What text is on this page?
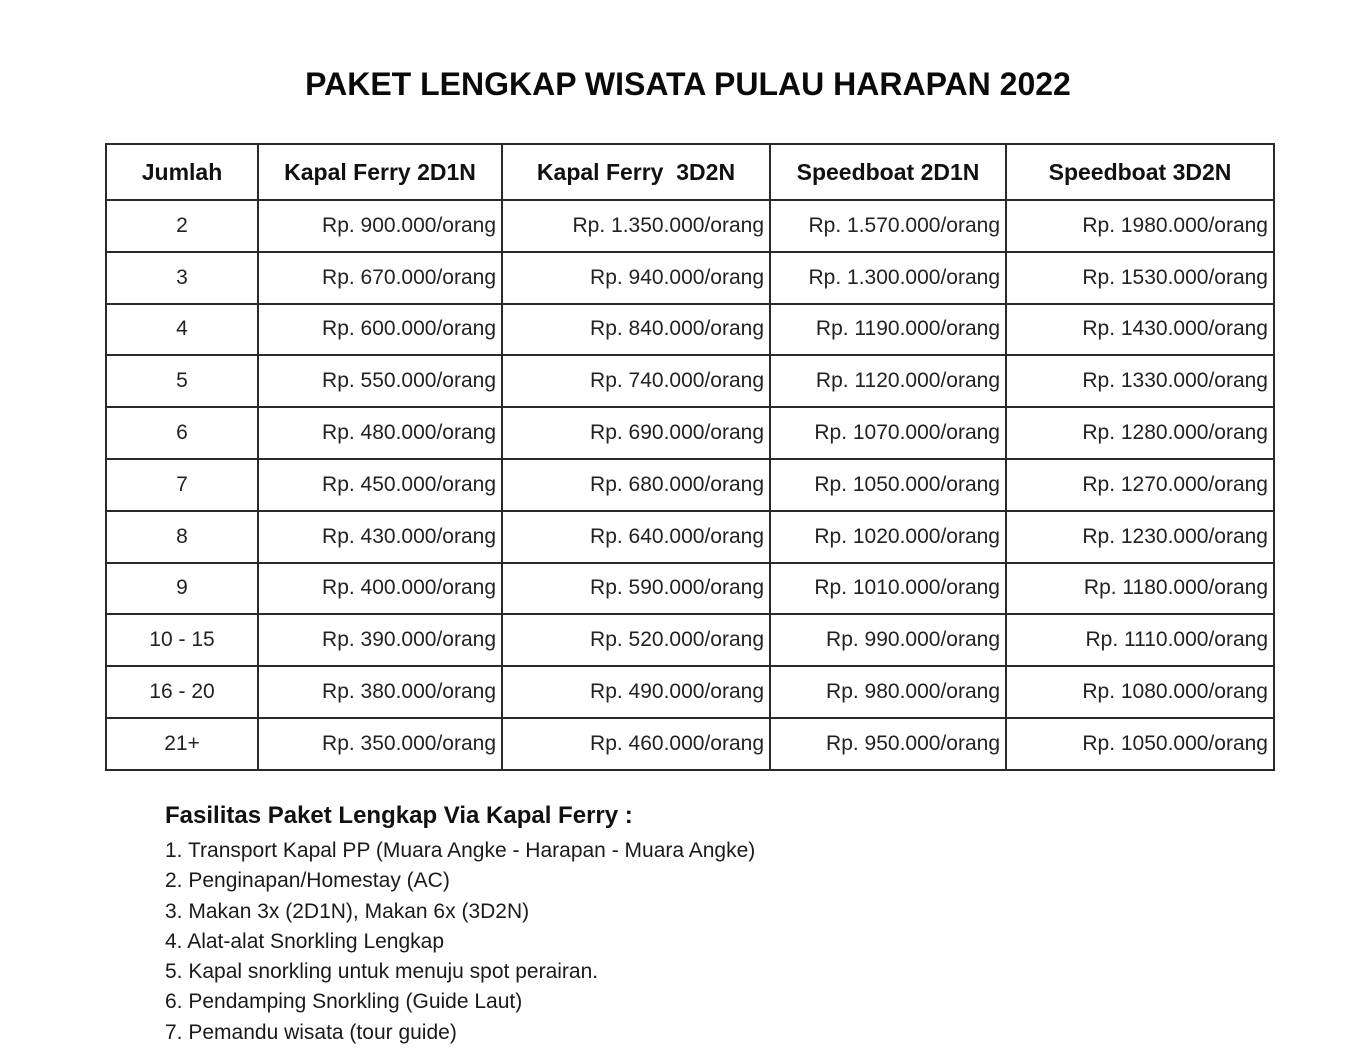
PAKET LENGKAP WISATA PULAU HARAPAN 2022
Jumlah	Kapal Ferry 2D1N	Kapal Ferry  3D2N	Speedboat 2D1N	Speedboat 3D2N
2	Rp. 900.000/orang	Rp. 1.350.000/orang	Rp. 1.570.000/orang	Rp. 1980.000/orang
3	Rp. 670.000/orang	Rp. 940.000/orang	Rp. 1.300.000/orang	Rp. 1530.000/orang
4	Rp. 600.000/orang	Rp. 840.000/orang	Rp. 1190.000/orang	Rp. 1430.000/orang
5	Rp. 550.000/orang	Rp. 740.000/orang	Rp. 1120.000/orang	Rp. 1330.000/orang
6	Rp. 480.000/orang	Rp. 690.000/orang	Rp. 1070.000/orang	Rp. 1280.000/orang
7	Rp. 450.000/orang	Rp. 680.000/orang	Rp. 1050.000/orang	Rp. 1270.000/orang
8	Rp. 430.000/orang	Rp. 640.000/orang	Rp. 1020.000/orang	Rp. 1230.000/orang
9	Rp. 400.000/orang	Rp. 590.000/orang	Rp. 1010.000/orang	Rp. 1180.000/orang
10 - 15	Rp. 390.000/orang	Rp. 520.000/orang	Rp. 990.000/orang	Rp. 1110.000/orang
16 - 20	Rp. 380.000/orang	Rp. 490.000/orang	Rp. 980.000/orang	Rp. 1080.000/orang
21+	Rp. 350.000/orang	Rp. 460.000/orang	Rp. 950.000/orang	Rp. 1050.000/orang
Fasilitas Paket Lengkap Via Kapal Ferry :
1. Transport Kapal PP (Muara Angke - Harapan - Muara Angke)
2. Penginapan/Homestay (AC)
3. Makan 3x (2D1N), Makan 6x (3D2N)
4. Alat-alat Snorkling Lengkap
5. Kapal snorkling untuk menuju spot perairan.
6. Pendamping Snorkling (Guide Laut)
7. Pemandu wisata (tour guide)
